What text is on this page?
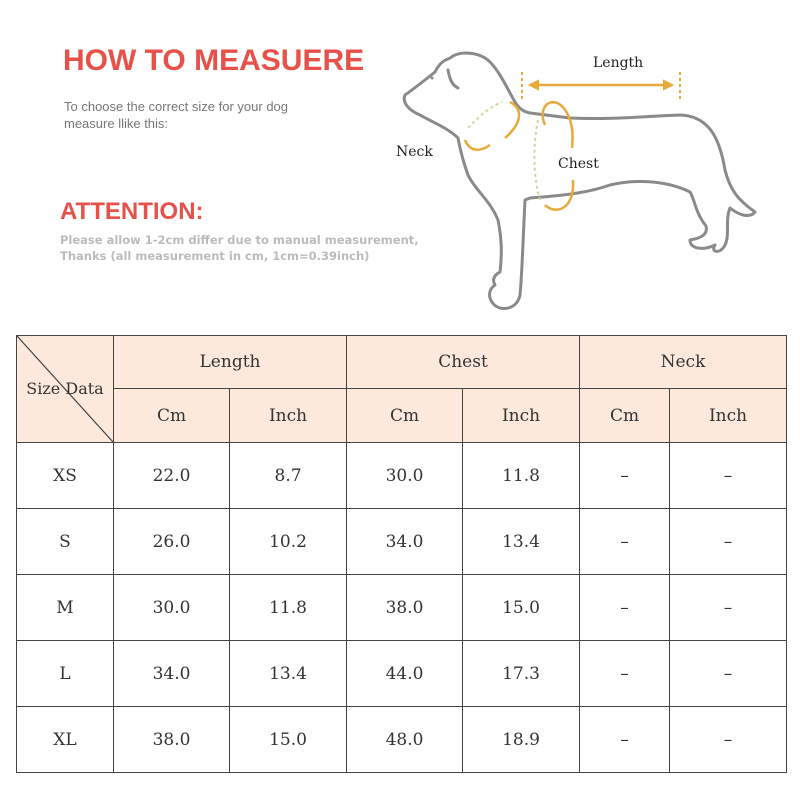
HOW TO MEASUERE
To choose the correct size for your dog
measure llike this:
ATTENTION:
Please allow 1-2cm differ due to manual measurement,
Thanks (all measurement in cm, 1cm=0.39inch)
Length
Neck
Chest
Size Data	Length		Chest		Neck	
	Cm	Inch	Cm	Inch	Cm	Inch
XS	22.0	8.7	30.0	11.8	–	–
S	26.0	10.2	34.0	13.4	–	–
M	30.0	11.8	38.0	15.0	–	–
L	34.0	13.4	44.0	17.3	–	–
XL	38.0	15.0	48.0	18.9	–	–
